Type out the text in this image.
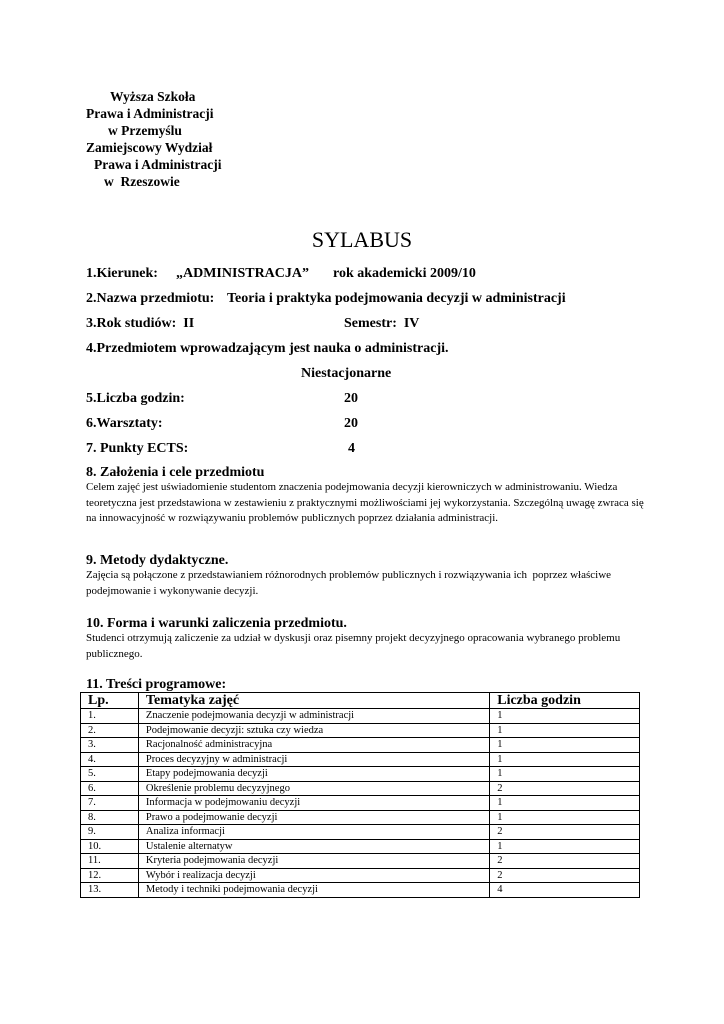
Wyższa Szkoła
Prawa i Administracji
w Przemyślu
Zamiejscowy Wydział
Prawa i Administracji
w  Rzeszowie
SYLABUS
1.Kierunek: „ADMINISTRACJA” rok akademicki 2009/10
2.Nazwa przedmiotu: Teoria i praktyka podejmowania decyzji w administracji
3.Rok studiów:  II	Semestr:  IV
4.Przedmiotem wprowadzającym jest nauka o administracji.
Niestacjonarne
5.Liczba godzin:	20
6.Warsztaty:	20
7. Punkty ECTS:	4
8. Założenia i cele przedmiotu
Celem zajęć jest uświadomienie studentom znaczenia podejmowania decyzji kierowniczych w administrowaniu. Wiedza teoretyczna jest przedstawiona w zestawieniu z praktycznymi możliwościami jej wykorzystania. Szczególną uwagę zwraca się na innowacyjność w rozwiązywaniu problemów publicznych poprzez działania administracji.
9. Metody dydaktyczne.
Zajęcia są połączone z przedstawianiem różnorodnych problemów publicznych i rozwiązywania ich  poprzez właściwe podejmowanie i wykonywanie decyzji.
10. Forma i warunki zaliczenia przedmiotu.
Studenci otrzymują zaliczenie za udział w dyskusji oraz pisemny projekt decyzyjnego opracowania wybranego problemu publicznego.
11. Treści programowe:
Lp.	Tematyka zajęć	Liczba godzin
1.	Znaczenie podejmowania decyzji w administracji	1
2.	Podejmowanie decyzji: sztuka czy wiedza	1
3.	Racjonalność administracyjna	1
4.	Proces decyzyjny w administracji	1
5.	Etapy podejmowania decyzji	1
6.	Określenie problemu decyzyjnego	2
7.	Informacja w podejmowaniu decyzji	1
8.	Prawo a podejmowanie decyzji	1
9.	Analiza informacji	2
10.	Ustalenie alternatyw	1
11.	Kryteria podejmowania decyzji	2
12.	Wybór i realizacja decyzji	2
13.	Metody i techniki podejmowania decyzji	4
